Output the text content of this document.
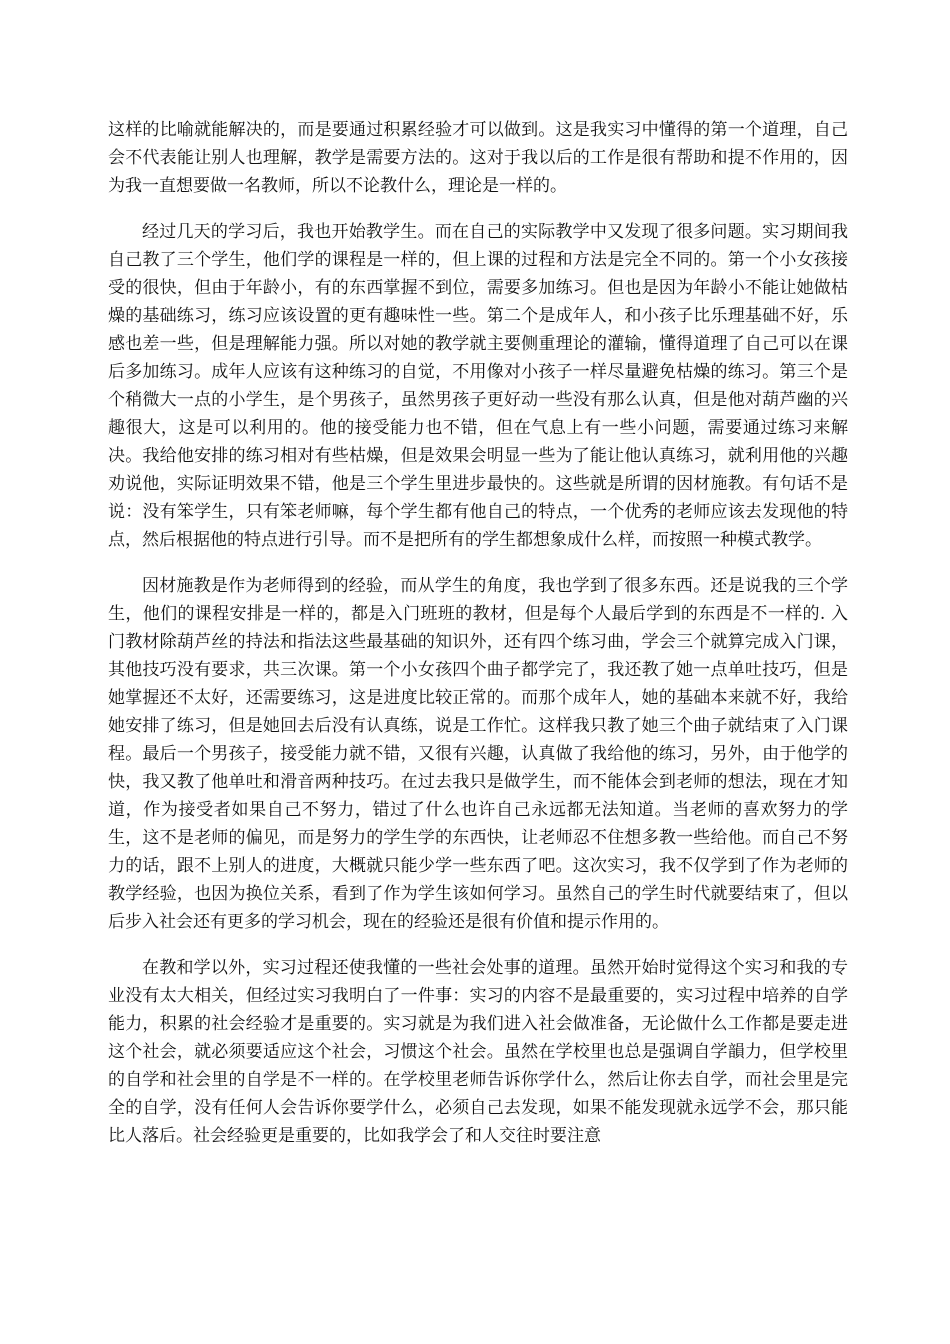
这样的比喻就能解决的，而是要通过积累经验才可以做到。这是我实习中懂得的第一个道理，自己会不代表能让别人也理解，教学是需要方法的。这对于我以后的工作是很有帮助和提不作用的，因为我一直想要做一名教师，所以不论教什么，理论是一样的。

经过几天的学习后，我也开始教学生。而在自己的实际教学中又发现了很多问题。实习期间我自己教了三个学生，他们学的课程是一样的，但上课的过程和方法是完全不同的。第一个小女孩接受的很快，但由于年龄小，有的东西掌握不到位，需要多加练习。但也是因为年龄小不能让她做枯燥的基础练习，练习应该设置的更有趣味性一些。第二个是成年人，和小孩子比乐理基础不好，乐感也差一些，但是理解能力强。所以对她的教学就主要侧重理论的灌输，懂得道理了自己可以在课后多加练习。成年人应该有这种练习的自觉，不用像对小孩子一样尽量避免枯燥的练习。第三个是个稍微大一点的小学生，是个男孩子，虽然男孩子更好动一些没有那么认真，但是他对葫芦幽的兴趣很大，这是可以利用的。他的接受能力也不错，但在气息上有一些小问题，需要通过练习来解决。我给他安排的练习相对有些枯燥，但是效果会明显一些为了能让他认真练习，就利用他的兴趣劝说他，实际证明效果不错，他是三个学生里进步最快的。这些就是所谓的因材施教。有句话不是说：没有笨学生，只有笨老师嘛，每个学生都有他自己的特点，一个优秀的老师应该去发现他的特点，然后根据他的特点进行引导。而不是把所有的学生都想象成什么样，而按照一种模式教学。

因材施教是作为老师得到的经验，而从学生的角度，我也学到了很多东西。还是说我的三个学生，他们的课程安排是一样的，都是入门班班的教材，但是每个人最后学到的东西是不一样的. 入门教材除葫芦丝的持法和指法这些最基础的知识外，还有四个练习曲，学会三个就算完成入门课，其他技巧没有要求，共三次课。第一个小女孩四个曲子都学完了，我还教了她一点单吐技巧，但是她掌握还不太好，还需要练习，这是进度比较正常的。而那个成年人，她的基础本来就不好，我给她安排了练习，但是她回去后没有认真练，说是工作忙。这样我只教了她三个曲子就结束了入门课程。最后一个男孩子，接受能力就不错，又很有兴趣，认真做了我给他的练习，另外，由于他学的快，我又教了他单吐和滑音两种技巧。在过去我只是做学生，而不能体会到老师的想法，现在才知道，作为接受者如果自己不努力，错过了什么也许自己永远都无法知道。当老师的喜欢努力的学生，这不是老师的偏见，而是努力的学生学的东西快，让老师忍不住想多教一些给他。而自己不努力的话，跟不上别人的进度，大概就只能少学一些东西了吧。这次实习，我不仅学到了作为老师的教学经验，也因为换位关系，看到了作为学生该如何学习。虽然自己的学生时代就要结束了，但以后步入社会还有更多的学习机会，现在的经验还是很有价值和提示作用的。

在教和学以外，实习过程还使我懂的一些社会处事的道理。虽然开始时觉得这个实习和我的专业没有太大相关，但经过实习我明白了一件事：实习的内容不是最重要的，实习过程中培养的自学能力，积累的社会经验才是重要的。实习就是为我们进入社会做准备，无论做什么工作都是要走进这个社会，就必须要适应这个社会，习惯这个社会。虽然在学校里也总是强调自学韻力，但学校里的自学和社会里的自学是不一样的。在学校里老师告诉你学什么，然后让你去自学，而社会里是完全的自学，没有任何人会告诉你要学什么，必须自己去发现，如果不能发现就永远学不会，那只能比人落后。社会经验更是重要的，比如我学会了和人交往时要注意
